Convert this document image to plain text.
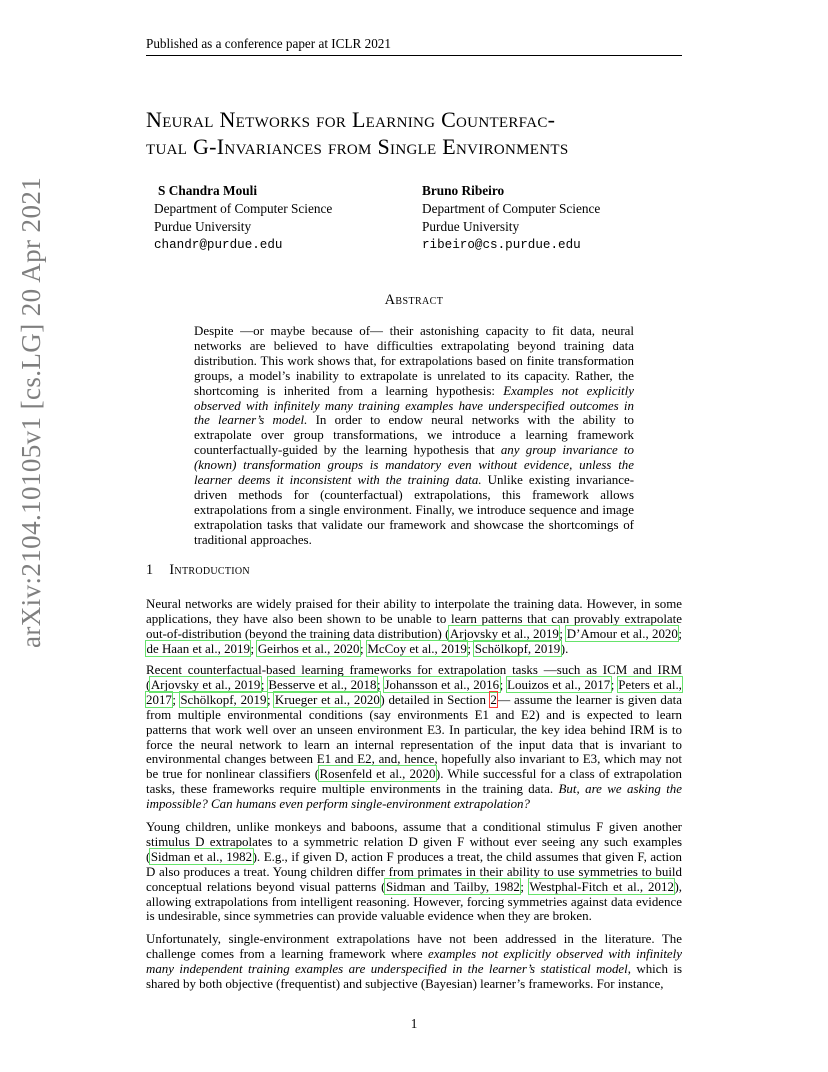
Published as a conference paper at ICLR 2021
Neural Networks for Learning Counterfac-
tual G-Invariances from Single Environments
S Chandra Mouli
Department of Computer Science
Purdue University
chandr@purdue.edu
Bruno Ribeiro
Department of Computer Science
Purdue University
ribeiro@cs.purdue.edu
arXiv:2104.10105v1 [cs.LG] 20 Apr 2021	Abstract

Despite —or maybe because of— their astonishing capacity to fit data, neural networks are believed to have difficulties extrapolating beyond training data distribution. This work shows that, for extrapolations based on finite transformation groups, a model’s inability to extrapolate is unrelated to its capacity. Rather, the shortcoming is inherited from a learning hypothesis: Examples not explicitly observed with infinitely many training examples have underspecified outcomes in the learner’s model. In order to endow neural networks with the ability to extrapolate over group transformations, we introduce a learning framework counterfactually-guided by the learning hypothesis that any group invariance to (known) transformation groups is mandatory even without evidence, unless the learner deems it inconsistent with the training data. Unlike existing invariance-driven methods for (counterfactual) extrapolations, this framework allows extrapolations from a single environment. Finally, we introduce sequence and image extrapolation tasks that validate our framework and showcase the shortcomings of traditional approaches.

1 Introduction

Neural networks are widely praised for their ability to interpolate the training data. However, in some applications, they have also been shown to be unable to learn patterns that can provably extrapolate out-of-distribution (beyond the training data distribution) (Arjovsky et al., 2019; D’Amour et al., 2020; de Haan et al., 2019; Geirhos et al., 2020; McCoy et al., 2019; Schölkopf, 2019).

Recent counterfactual-based learning frameworks for extrapolation tasks —such as ICM and IRM (Arjovsky et al., 2019; Besserve et al., 2018; Johansson et al., 2016; Louizos et al., 2017; Peters et al., 2017; Schölkopf, 2019; Krueger et al., 2020) detailed in Section 2— assume the learner is given data from multiple environmental conditions (say environments E1 and E2) and is expected to learn patterns that work well over an unseen environment E3. In particular, the key idea behind IRM is to force the neural network to learn an internal representation of the input data that is invariant to environmental changes between E1 and E2, and, hence, hopefully also invariant to E3, which may not be true for nonlinear classifiers (Rosenfeld et al., 2020). While successful for a class of extrapolation tasks, these frameworks require multiple environments in the training data. But, are we asking the impossible? Can humans even perform single-environment extrapolation?

Young children, unlike monkeys and baboons, assume that a conditional stimulus F given another stimulus D extrapolates to a symmetric relation D given F without ever seeing any such examples (Sidman et al., 1982). E.g., if given D, action F produces a treat, the child assumes that given F, action D also produces a treat. Young children differ from primates in their ability to use symmetries to build conceptual relations beyond visual patterns (Sidman and Tailby, 1982; Westphal-Fitch et al., 2012), allowing extrapolations from intelligent reasoning. However, forcing symmetries against data evidence is undesirable, since symmetries can provide valuable evidence when they are broken.

Unfortunately, single-environment extrapolations have not been addressed in the literature. The challenge comes from a learning framework where examples not explicitly observed with infinitely many independent training examples are underspecified in the learner’s statistical model, which is shared by both objective (frequentist) and subjective (Bayesian) learner’s frameworks. For instance,

1
